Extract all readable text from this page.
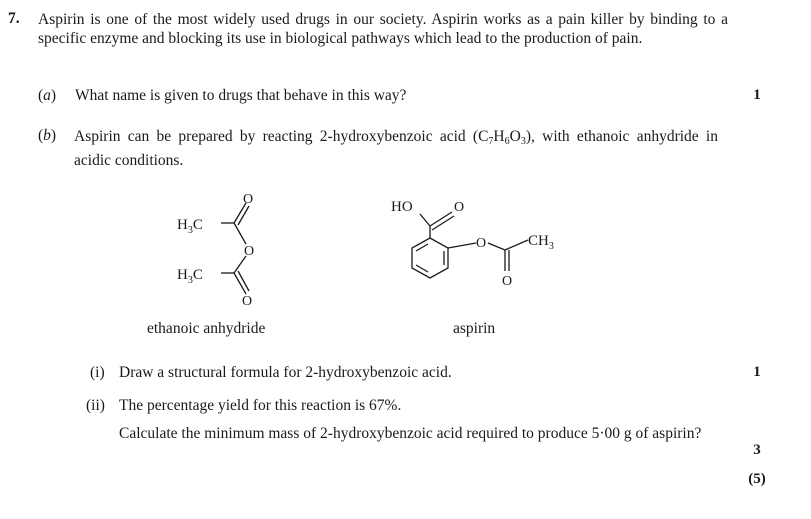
7. Aspirin is one of the most widely used drugs in our society. Aspirin works as a pain killer by binding to a specific enzyme and blocking its use in biological pathways which lead to the production of pain.
(a) What name is given to drugs that behave in this way?	1
(b) Aspirin can be prepared by reacting 2-hydroxybenzoic acid $(C_7H_6O_3)$, with ethanoic anhydride in acidic conditions.
$H_3C$
O
O
$H_3C$
O
HO	O
O	$CH_3$
O
ethanoic anhydride	aspirin
(i) Draw a structural formula for 2-hydroxybenzoic acid.	1
(ii) The percentage yield for this reaction is 67%.
Calculate the minimum mass of 2-hydroxybenzoic acid required to produce 5·00 g of aspirin?
3
(5)
